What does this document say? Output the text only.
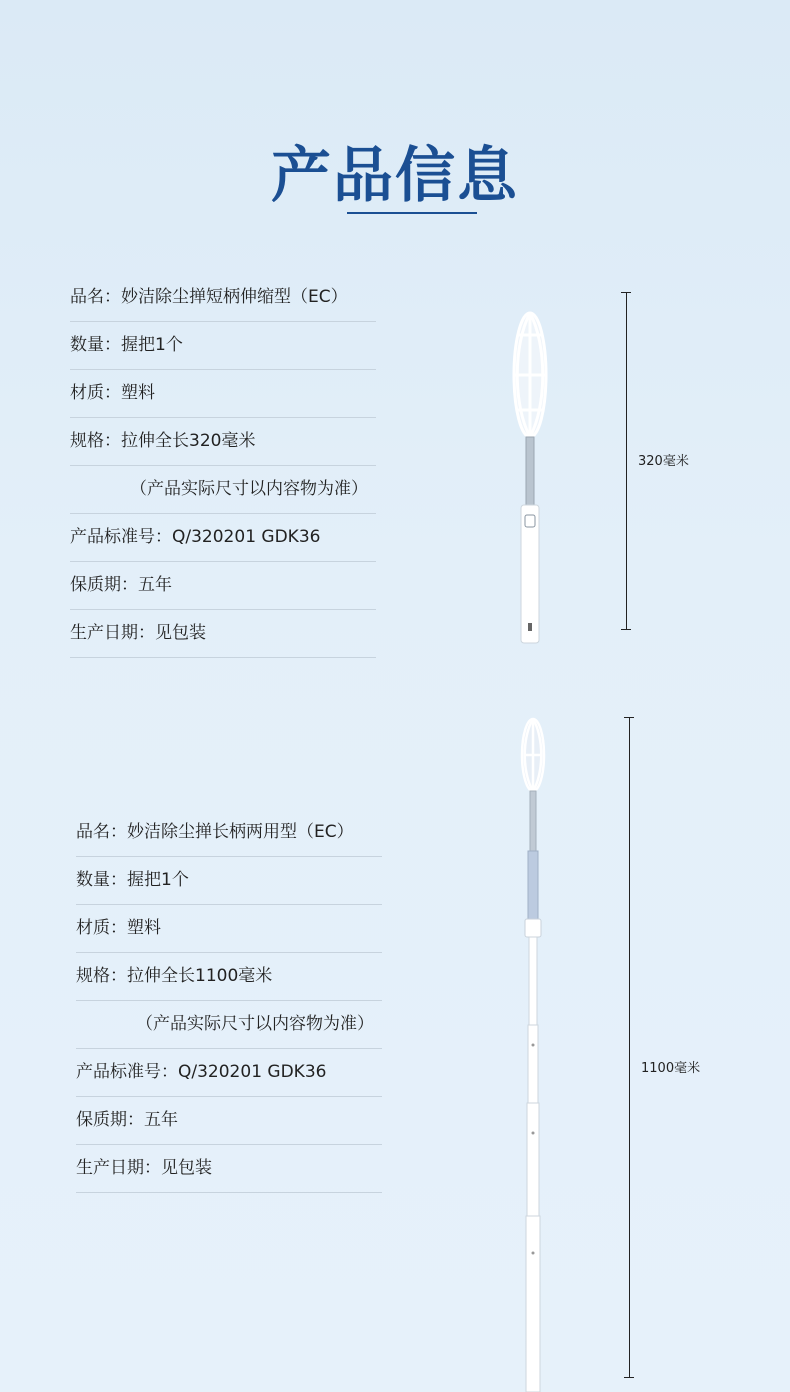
产品信息
品名：妙洁除尘掸短柄伸缩型（EC）
数量：握把1个
材质：塑料
规格：拉伸全长320毫米
（产品实际尺寸以内容物为准）
产品标准号：Q/320201 GDK36
保质期：五年
生产日期：见包装
320毫米
品名：妙洁除尘掸长柄两用型（EC）
数量：握把1个
材质：塑料
规格：拉伸全长1100毫米
（产品实际尺寸以内容物为准）
产品标准号：Q/320201 GDK36
保质期：五年
生产日期：见包装
1100毫米
